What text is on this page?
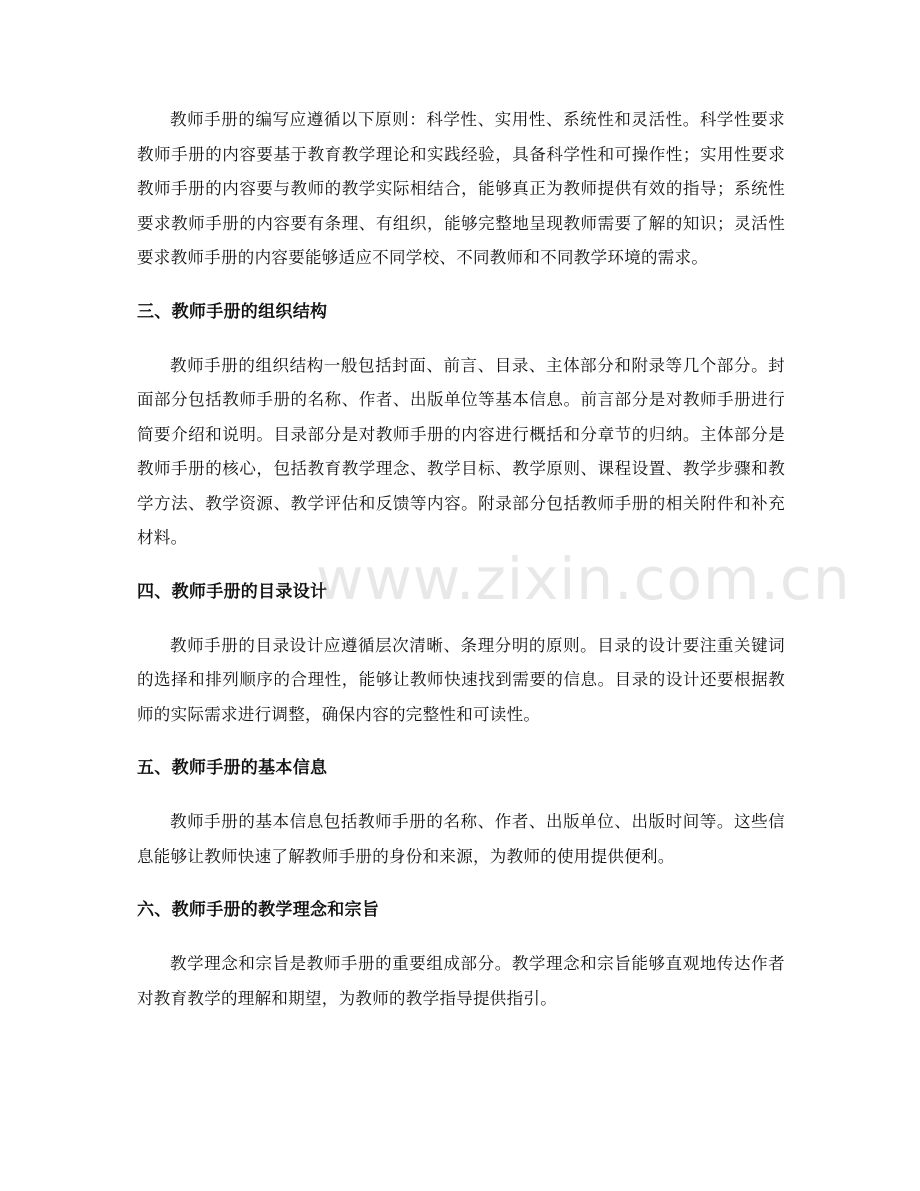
教师手册的编写应遵循以下原则：科学性、实用性、系统性和灵活性。科学性要求教师手册的内容要基于教育教学理论和实践经验，具备科学性和可操作性；实用性要求教师手册的内容要与教师的教学实际相结合，能够真正为教师提供有效的指导；系统性要求教师手册的内容要有条理、有组织，能够完整地呈现教师需要了解的知识；灵活性要求教师手册的内容要能够适应不同学校、不同教师和不同教学环境的需求。

三、教师手册的组织结构

教师手册的组织结构一般包括封面、前言、目录、主体部分和附录等几个部分。封面部分包括教师手册的名称、作者、出版单位等基本信息。前言部分是对教师手册进行简要介绍和说明。目录部分是对教师手册的内容进行概括和分章节的归纳。主体部分是教师手册的核心，包括教育教学理念、教学目标、教学原则、课程设置、教学步骤和教学方法、教学资源、教学评估和反馈等内容。附录部分包括教师手册的相关附件和补充材料。

四、教师手册的目录设计

教师手册的目录设计应遵循层次清晰、条理分明的原则。目录的设计要注重关键词的选择和排列顺序的合理性，能够让教师快速找到需要的信息。目录的设计还要根据教师的实际需求进行调整，确保内容的完整性和可读性。

五、教师手册的基本信息

教师手册的基本信息包括教师手册的名称、作者、出版单位、出版时间等。这些信息能够让教师快速了解教师手册的身份和来源，为教师的使用提供便利。

六、教师手册的教学理念和宗旨

教学理念和宗旨是教师手册的重要组成部分。教学理念和宗旨能够直观地传达作者对教育教学的理解和期望，为教师的教学指导提供指引。

www.zixin.com.cn
